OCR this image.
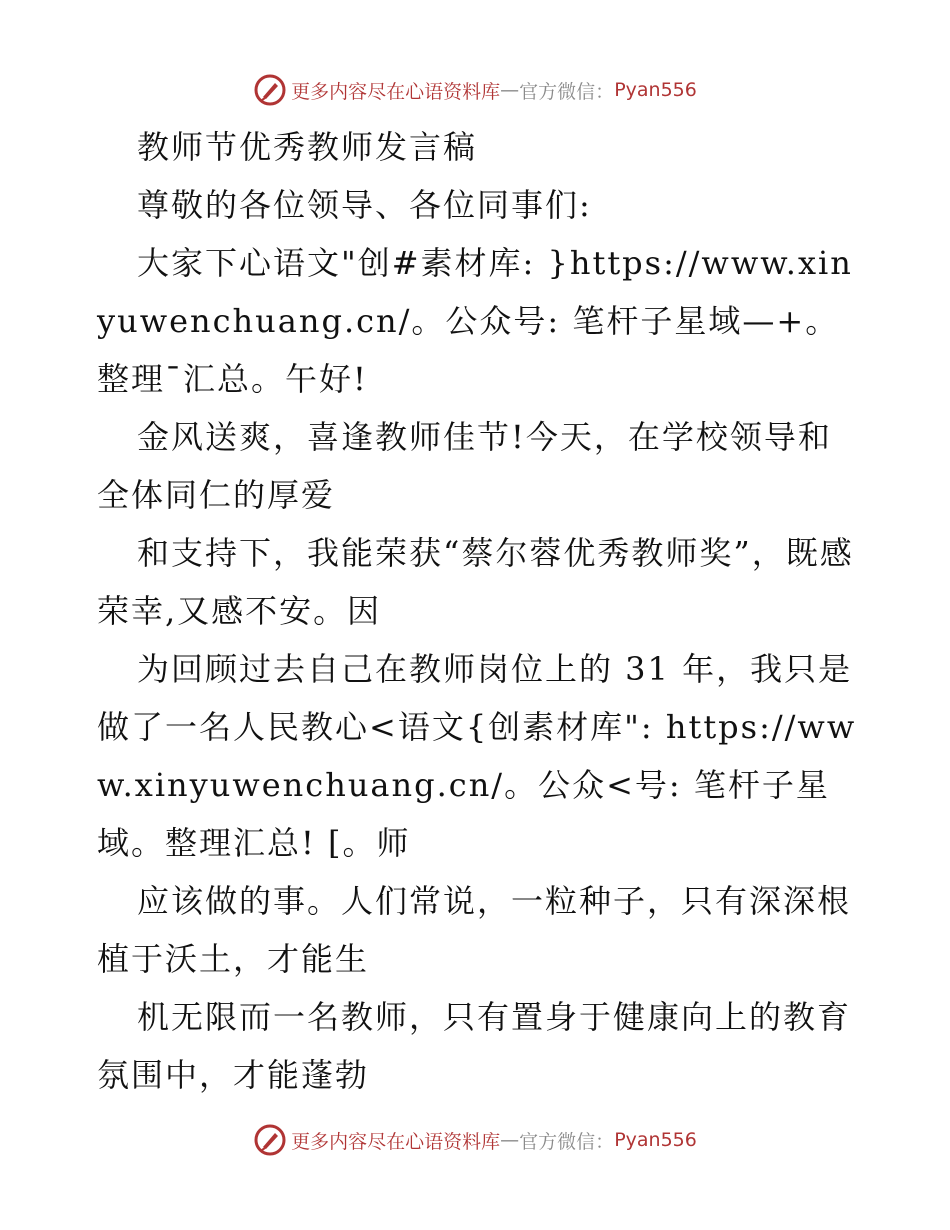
更多内容尽在心语资料库 — 官方微信： Pyan556

教师节优秀教师发言稿

尊敬的各位领导、各位同事们:

大家下心语文"创#素材库: }https://www.xinyuwenchuang.cn/。公众号: 笔杆子星域—+。整理¯汇总。午好!

金风送爽，喜逢教师佳节!今天，在学校领导和全体同仁的厚爱

和支持下，我能荣获“蔡尔蓉优秀教师奖”，既感荣幸,又感不安。因

为回顾过去自己在教师岗位上的 31 年，我只是做了一名人民教心<语文{创素材库": https://www.xinyuwenchuang.cn/。公众<号: 笔杆子星域。整理汇总! [。师

应该做的事。人们常说，一粒种子，只有深深根植于沃土，才能生

机无限而一名教师，只有置身于健康向上的教育氛围中，才能蓬勃

更多内容尽在心语资料库 — 官方微信： Pyan556
